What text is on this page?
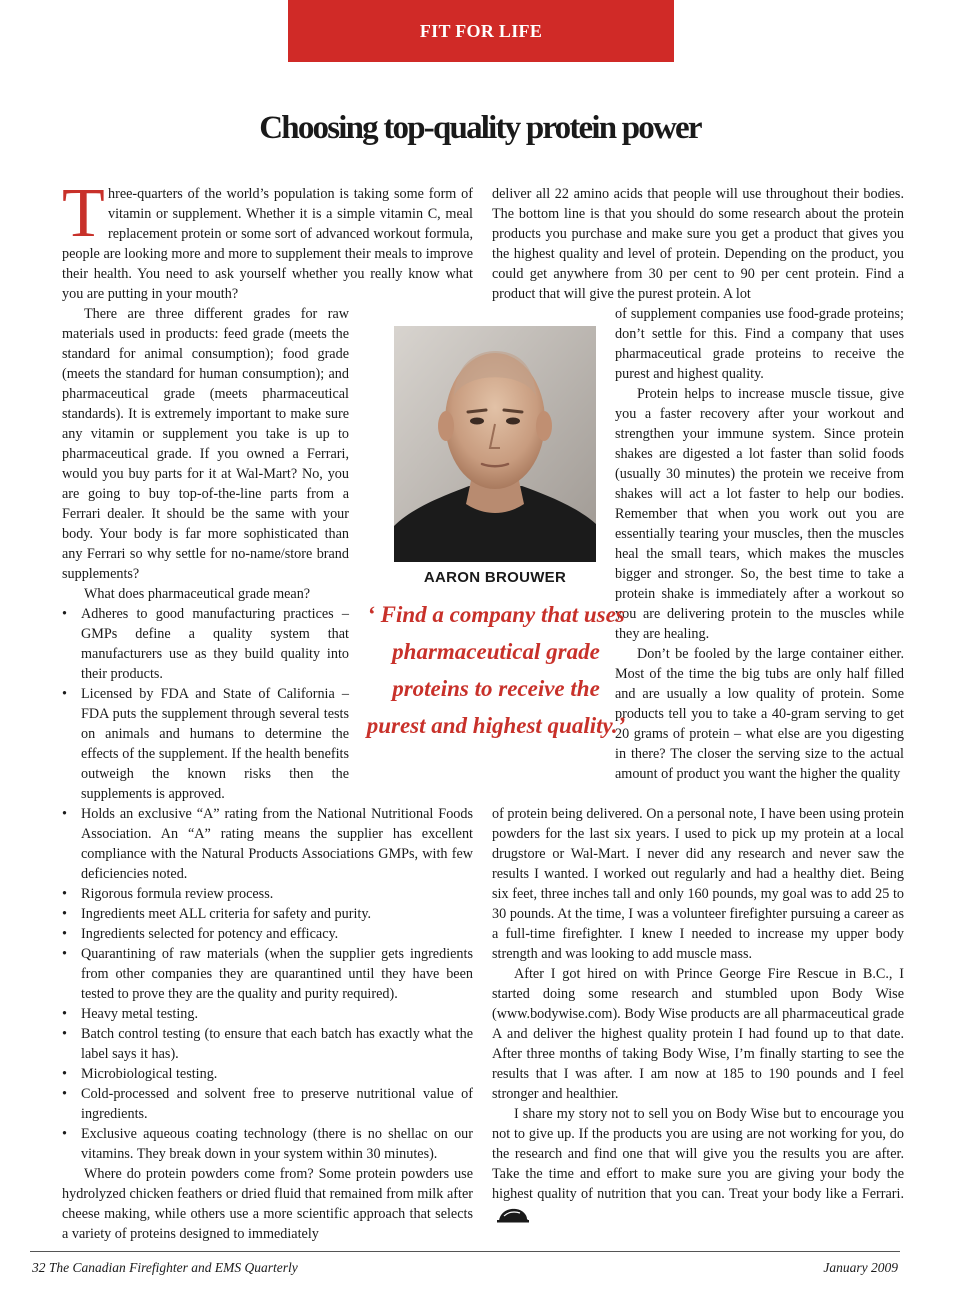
FIT FOR LIFE
Choosing top-quality protein power
T hree-quarters of the world’s population is taking some form of vitamin or supplement. Whether it is a simple vitamin C, meal replacement protein or some sort of advanced workout formula, people are looking more and more to supplement their meals to improve their health. You need to ask yourself whether you really know what you are putting in your mouth?

There are three different grades for raw materials used in products: feed grade (meets the standard for animal consumption); food grade (meets the standard for human consumption); and pharmaceutical grade (meets pharmaceutical standards). It is extremely important to make sure any vitamin or supplement you take is up to pharmaceutical grade. If you owned a Ferrari, would you buy parts for it at Wal-Mart? No, you are going to buy top-of-the-line parts from a Ferrari dealer. It should be the same with your body. Your body is far more sophisticated than any Ferrari so why settle for no-name/store brand supplements?

What does pharmaceutical grade mean?

• Adheres to good manufacturing practices – GMPs define a quality system that manufacturers use as they build quality into their products.
• Licensed by FDA and State of California – FDA puts the supplement through several tests on animals and humans to determine the effects of the supplement. If the health benefits outweigh the known risks then the supplements is approved.
• Holds an exclusive “A” rating from the National Nutritional Foods Association. An “A” rating means the supplier has excellent compliance with the Natural Products Associations GMPs, with few deficiencies noted.
• Rigorous formula review process.
• Ingredients meet ALL criteria for safety and purity.
• Ingredients selected for potency and efficacy.
• Quarantining of raw materials (when the supplier gets ingredients from other companies they are quarantined until they have been tested to prove they are the quality and purity required).
• Heavy metal testing.
• Batch control testing (to ensure that each batch has exactly what the label says it has).
• Microbiological testing.
• Cold-processed and solvent free to preserve nutritional value of ingredients.
• Exclusive aqueous coating technology (there is no shellac on our vitamins. They break down in your system within 30 minutes).

Where do protein powders come from? Some protein powders use hydrolyzed chicken feathers or dried fluid that remained from milk after cheese making, while others use a more scientific approach that selects a variety of proteins designed to immediately

deliver all 22 amino acids that people will use throughout their bodies. The bottom line is that you should do some research about the protein products you purchase and make sure you get a product that gives you the highest quality and level of protein. Depending on the product, you could get anywhere from 30 per cent to 90 per cent protein. Find a product that will give the purest protein. A lot

of supplement companies use food-grade proteins; don’t settle for this. Find a company that uses pharmaceutical grade proteins to receive the purest and highest quality.

Protein helps to increase muscle tissue, give you a faster recovery after your workout and strengthen your immune system. Since protein shakes are digested a lot faster than solid foods (usually 30 minutes) the protein we receive from shakes will act a lot faster to help our bodies. Remember that when you work out you are essentially tearing your muscles, then the muscles heal the small tears, which makes the muscles bigger and stronger. So, the best time to take a protein shake is immediately after a workout so you are delivering protein to the muscles while they are healing.

Don’t be fooled by the large container either. Most of the time the big tubs are only half filled and are usually a low quality of protein. Some products tell you to take a 40-gram serving to get 20 grams of protein – what else are you digesting in there? The closer the serving size to the actual amount of product you want the higher the quality

of protein being delivered. On a personal note, I have been using protein powders for the last six years. I used to pick up my protein at a local drugstore or Wal-Mart. I never did any research and never saw the results I wanted. I worked out regularly and had a healthy diet. Being six feet, three inches tall and only 160 pounds, my goal was to add 25 to 30 pounds. At the time, I was a volunteer firefighter pursuing a career as a full-time firefighter. I knew I needed to increase my upper body strength and was looking to add muscle mass.

After I got hired on with Prince George Fire Rescue in B.C., I started doing some research and stumbled upon Body Wise (www.bodywise.com). Body Wise products are all pharmaceutical grade A and deliver the highest quality protein I had found up to that date. After three months of taking Body Wise, I’m finally starting to see the results that I was after. I am now at 185 to 190 pounds and I feel stronger and healthier.

I share my story not to sell you on Body Wise but to encourage you not to give up. If the products you are using are not working for you, do the research and find one that will give you the results you are after. Take the time and effort to make sure you are giving your body the highest quality of nutrition that you can. Treat your body like a Ferrari.

AARON BROUWER
‘ Find a company that uses pharmaceutical grade proteins to receive the purest and highest quality.’
32 The Canadian Firefighter and EMS Quarterly	January 2009
